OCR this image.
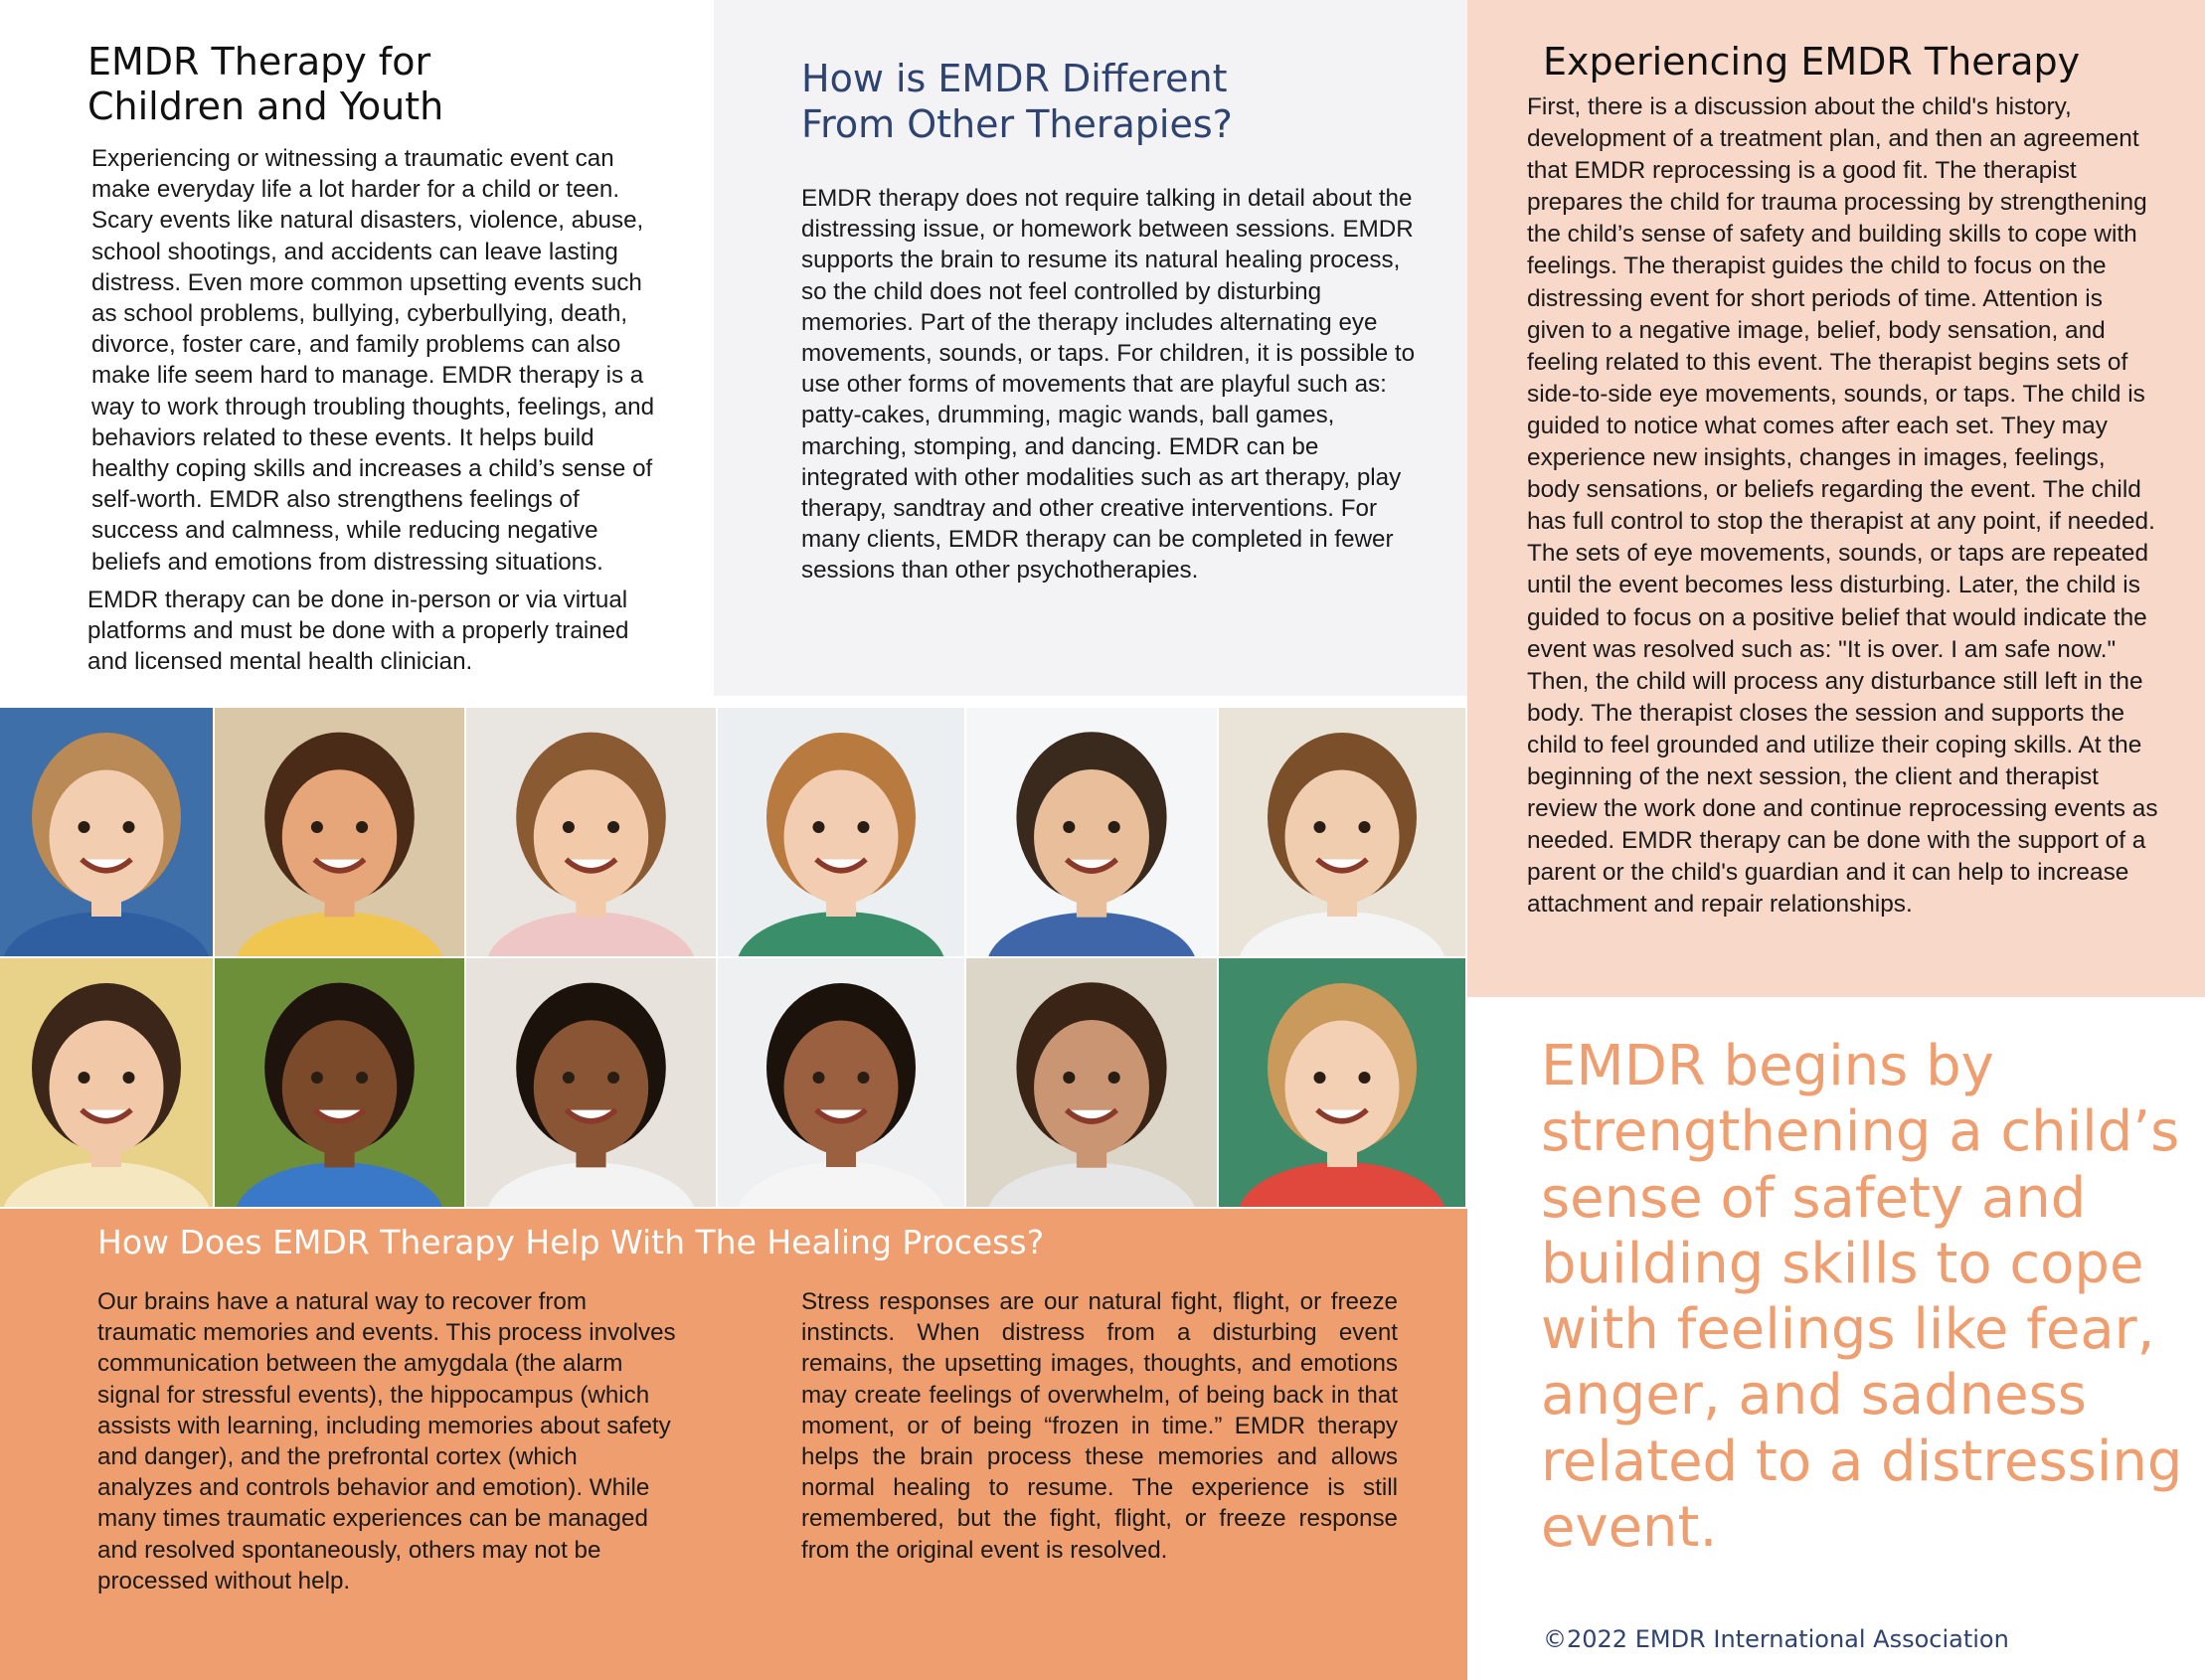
EMDR Therapy for
Children and Youth

Experiencing or witnessing a traumatic event can make everyday life a lot harder for a child or teen. Scary events like natural disasters, violence, abuse, school shootings, and accidents can leave lasting distress. Even more common upsetting events such as school problems, bullying, cyberbullying, death, divorce, foster care, and family problems can also make life seem hard to manage. EMDR therapy is a way to work through troubling thoughts, feelings, and behaviors related to these events. It helps build healthy coping skills and increases a child’s sense of self-worth. EMDR also strengthens feelings of success and calmness, while reducing negative beliefs and emotions from distressing situations.

EMDR therapy can be done in-person or via virtual platforms and must be done with a properly trained and licensed mental health clinician.

How is EMDR Different
From Other Therapies?

EMDR therapy does not require talking in detail about the distressing issue, or homework between sessions. EMDR supports the brain to resume its natural healing process, so the child does not feel controlled by disturbing memories. Part of the therapy includes alternating eye movements, sounds, or taps. For children, it is possible to use other forms of movements that are playful such as: patty-cakes, drumming, magic wands, ball games, marching, stomping, and dancing. EMDR can be integrated with other modalities such as art therapy, play therapy, sandtray and other creative interventions. For many clients, EMDR therapy can be completed in fewer sessions than other psychotherapies.

Experiencing EMDR Therapy

First, there is a discussion about the child's history, development of a treatment plan, and then an agreement that EMDR reprocessing is a good fit. The therapist prepares the child for trauma processing by strengthening the child’s sense of safety and building skills to cope with feelings. The therapist guides the child to focus on the distressing event for short periods of time. Attention is given to a negative image, belief, body sensation, and feeling related to this event. The therapist begins sets of side-to-side eye movements, sounds, or taps. The child is guided to notice what comes after each set. They may experience new insights, changes in images, feelings, body sensations, or beliefs regarding the event. The child has full control to stop the therapist at any point, if needed. The sets of eye movements, sounds, or taps are repeated until the event becomes less disturbing. Later, the child is guided to focus on a positive belief that would indicate the event was resolved such as: "It is over. I am safe now." Then, the child will process any disturbance still left in the body. The therapist closes the session and supports the child to feel grounded and utilize their coping skills. At the beginning of the next session, the client and therapist review the work done and continue reprocessing events as needed. EMDR therapy can be done with the support of a parent or the child's guardian and it can help to increase attachment and repair relationships.

How Does EMDR Therapy Help With The Healing Process?

Our brains have a natural way to recover from traumatic memories and events. This process involves communication between the amygdala (the alarm signal for stressful events), the hippocampus (which assists with learning, including memories about safety and danger), and the prefrontal cortex (which analyzes and controls behavior and emotion). While many times traumatic experiences can be managed and resolved spontaneously, others may not be processed without help.

Stress responses are our natural fight, flight, or freeze instincts. When distress from a disturbing event remains, the upsetting images, thoughts, and emotions may create feelings of overwhelm, of being back in that moment, or of being “frozen in time.” EMDR therapy helps the brain process these memories and allows normal healing to resume. The experience is still remembered, but the fight, flight, or freeze response from the original event is resolved.

EMDR begins by strengthening a child’s sense of safety and building skills to cope with feelings like fear, anger, and sadness related to a distressing event.
©2022 EMDR International Association
